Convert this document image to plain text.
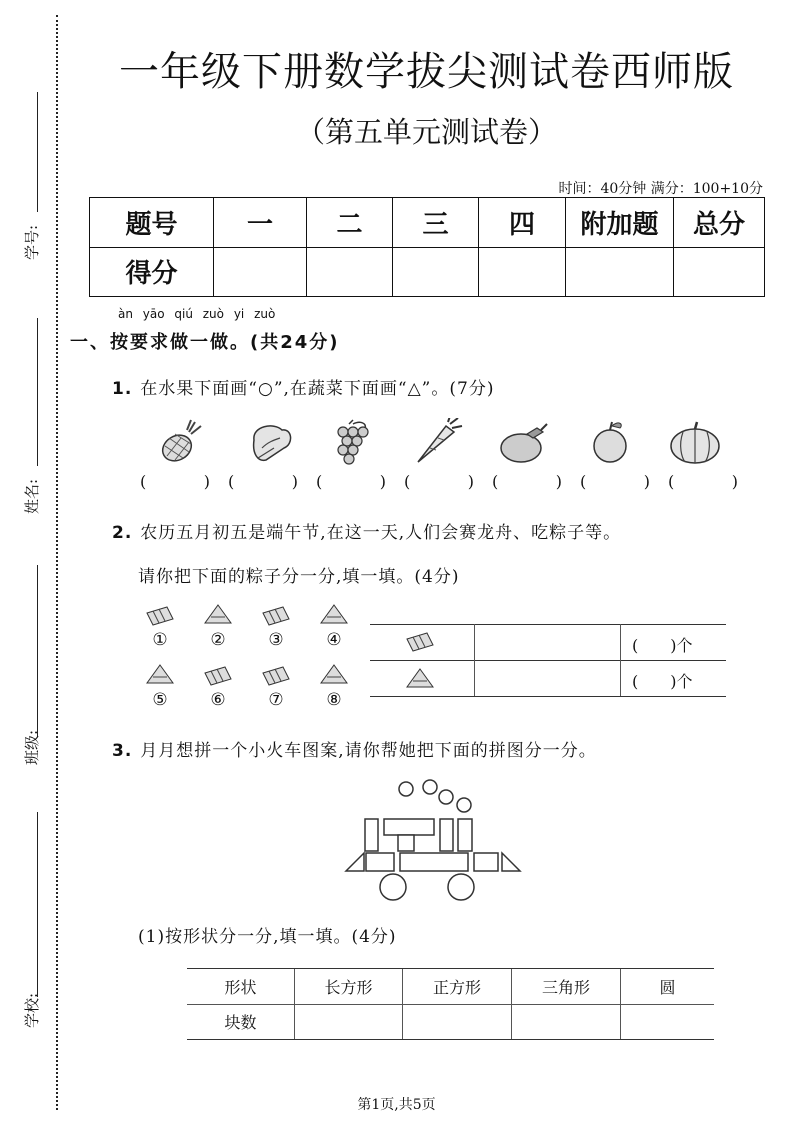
学号:
姓名:
班级:
学校:
一年级下册数学拔尖测试卷西师版
（第五单元测试卷）
时间：40分钟 满分：100+10分
题号	一	二	三	四	附加题	总分
得分						
àn yāo qiú zuò yi zuò
一、按要求做一做。(共24分)
1. 在水果下面画“○”,在蔬菜下面画“△”。(7分)
(	) (	) (	) (	) (	) (	) (	)
2. 农历五月初五是端午节,在这一天,人们会赛龙舟、吃粽子等。
请你把下面的粽子分一分,填一填。(4分)
①	②	③	④
⑤	⑥	⑦	⑧
(　　)个
(　　)个
3. 月月想拼一个小火车图案,请你帮她把下面的拼图分一分。
(1)按形状分一分,填一填。(4分)
形状	长方形	正方形	三角形	圆
块数				
第1页,共5页
